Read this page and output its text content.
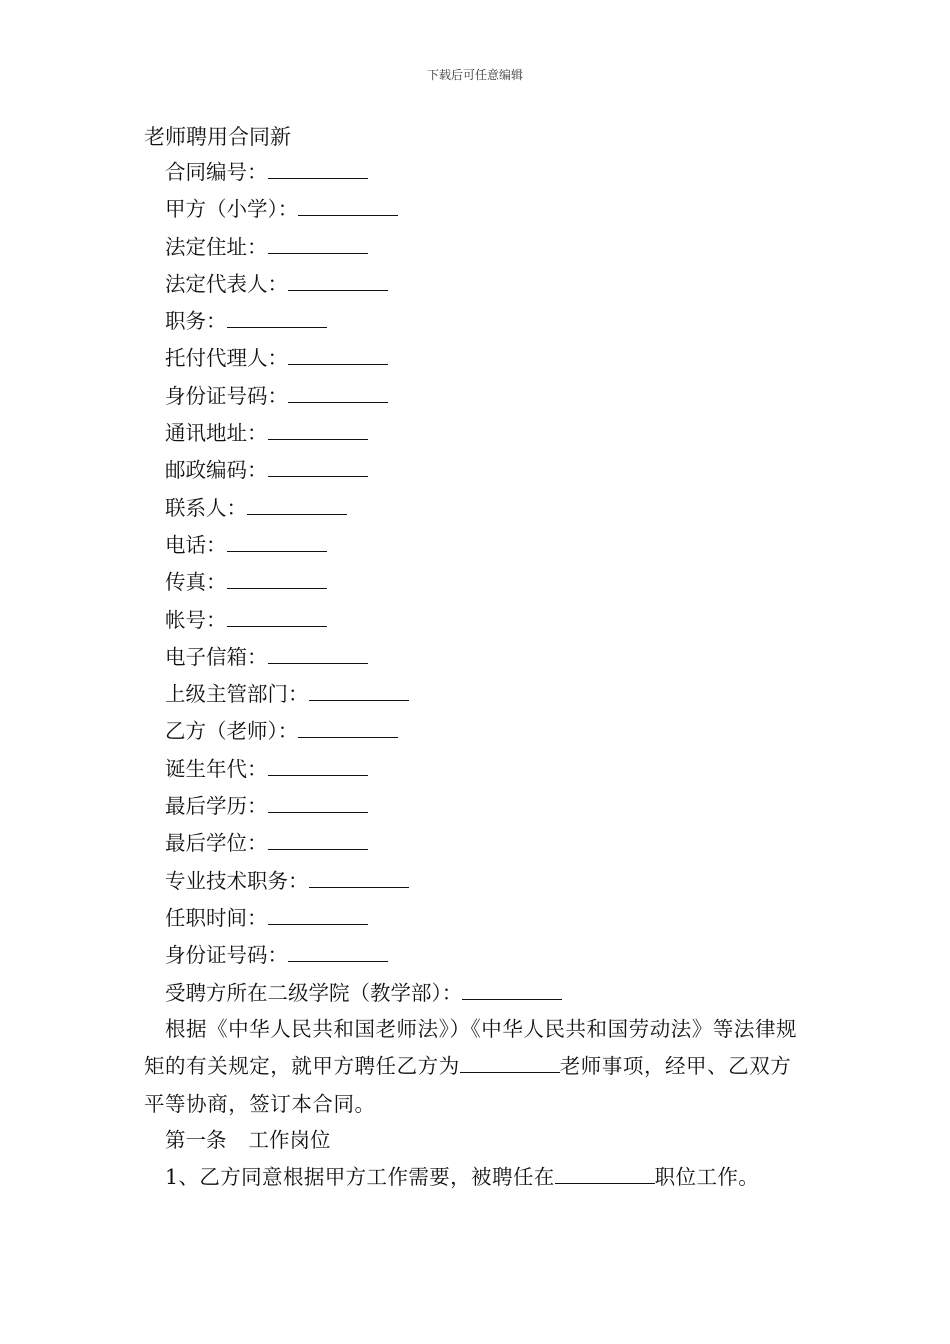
下载后可任意编辑
老师聘用合同新
合同编号：
甲方（小学）：
法定住址：
法定代表人：
职务：
托付代理人：
身份证号码：
通讯地址：
邮政编码：
联系人：
电话：
传真：
帐号：
电子信箱：
上级主管部门：
乙方（老师）：
诞生年代：
最后学历：
最后学位：
专业技术职务：
任职时间：
身份证号码：
受聘方所在二级学院（教学部）：

根据《中华人民共和国老师法》）《中华人民共和国劳动法》等法律规矩的有关规定，就甲方聘任乙方为	老师事项，经甲、乙双方平等协商，签订本合同。

第一条 工作岗位

1、乙方同意根据甲方工作需要，被聘任在	职位工作。
